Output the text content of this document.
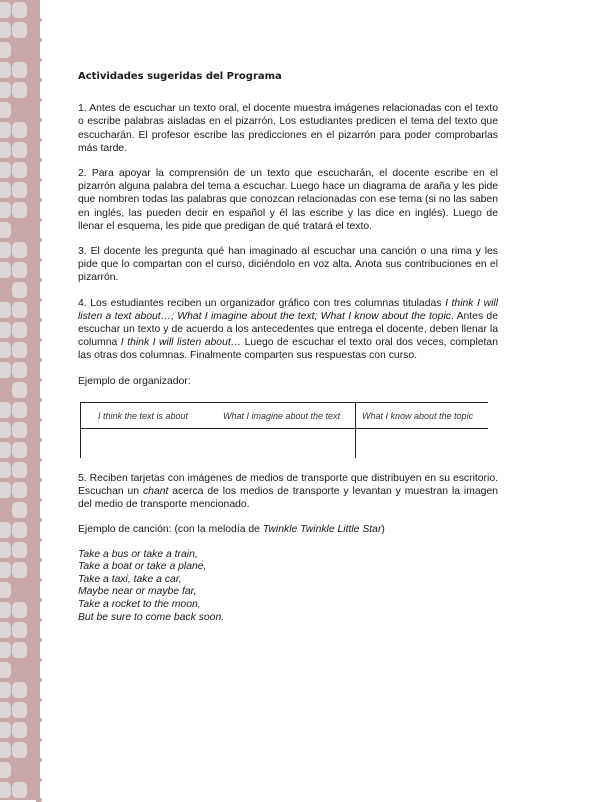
Actividades sugeridas del Programa

1. Antes de escuchar un texto oral, el docente muestra imágenes relacionadas con el texto o escribe palabras aisladas en el pizarrón. Los estudiantes predicen el tema del texto que escucharán. El profesor escribe las predicciones en el pizarrón para poder comprobarlas más tarde.

2. Para apoyar la comprensión de un texto que escucharán, el docente escribe en el pizarrón alguna palabra del tema a escuchar. Luego hace un diagrama de araña y les pide que nombren todas las palabras que conozcan relacionadas con ese tema (si no las saben en inglés, las pueden decir en español y él las escribe y las dice en inglés). Luego de llenar el esquema, les pide que predigan de qué tratará el texto.

3. El docente les pregunta qué han imaginado al escuchar una canción o una rima y les pide que lo compartan con el curso, diciéndolo en voz alta. Anota sus contribuciones en el pizarrón.

4. Los estudiantes reciben un organizador gráfico con tres columnas tituladas I think I will listen a text about…; What I imagine about the text; What I know about the topic. Antes de escuchar un texto y de acuerdo a los antecedentes que entrega el docente, deben llenar la columna I think I will listen about… Luego de escuchar el texto oral dos veces, completan las otras dos columnas. Finalmente comparten sus respuestas con curso.

Ejemplo de organizador:
I think the text is about	What I imagine about the text What I know about the topic

5. Reciben tarjetas con imágenes de medios de transporte que distribuyen en su escritorio. Escuchan un chant acerca de los medios de transporte y levantan y muestran la imagen del medio de transporte mencionado.

Ejemplo de canción: (con la melodía de Twinkle Twinkle Little Star)
Take a bus or take a train,
Take a boat or take a plane,
Take a taxi, take a car,
Maybe near or maybe far,
Take a rocket to the moon,
But be sure to come back soon.
